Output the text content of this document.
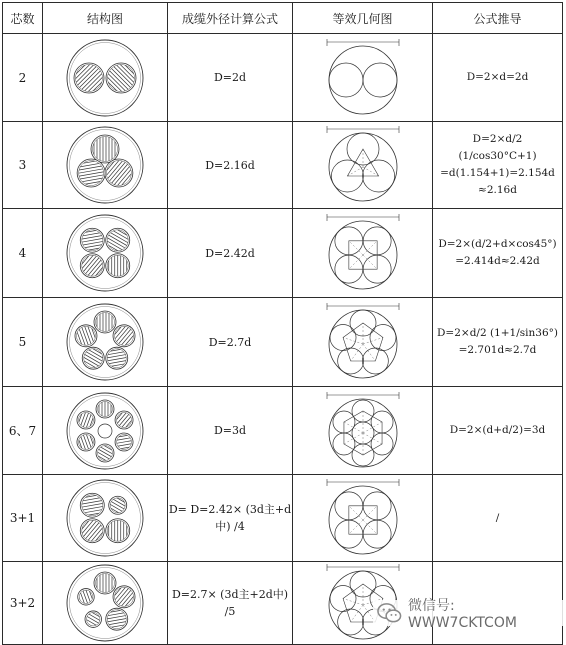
芯数	结构图	成缆外径计算公式	等效几何图	公式推导
2		D=2d		D=2×d=2d

3		D=2.16d		D=2×d/2 (1/cos30°C+1)
=d(1.154+1)=2.154d
≈2.16d

4		D=2.42d		D=2×(d/2+d×cos45°)
=2.414d≈2.42d

5		D=2.7d		D=2×d/2 (1+1/sin36°)
=2.701d≈2.7d

6、7		D=3d		D=2×(d+d/2)=3d

3+1		D= D=2.42× (3d主+d中) /4		/

3+2		D=2.7× (3d主+2d中) /5	
		微信号: WWW7CKTCOM
